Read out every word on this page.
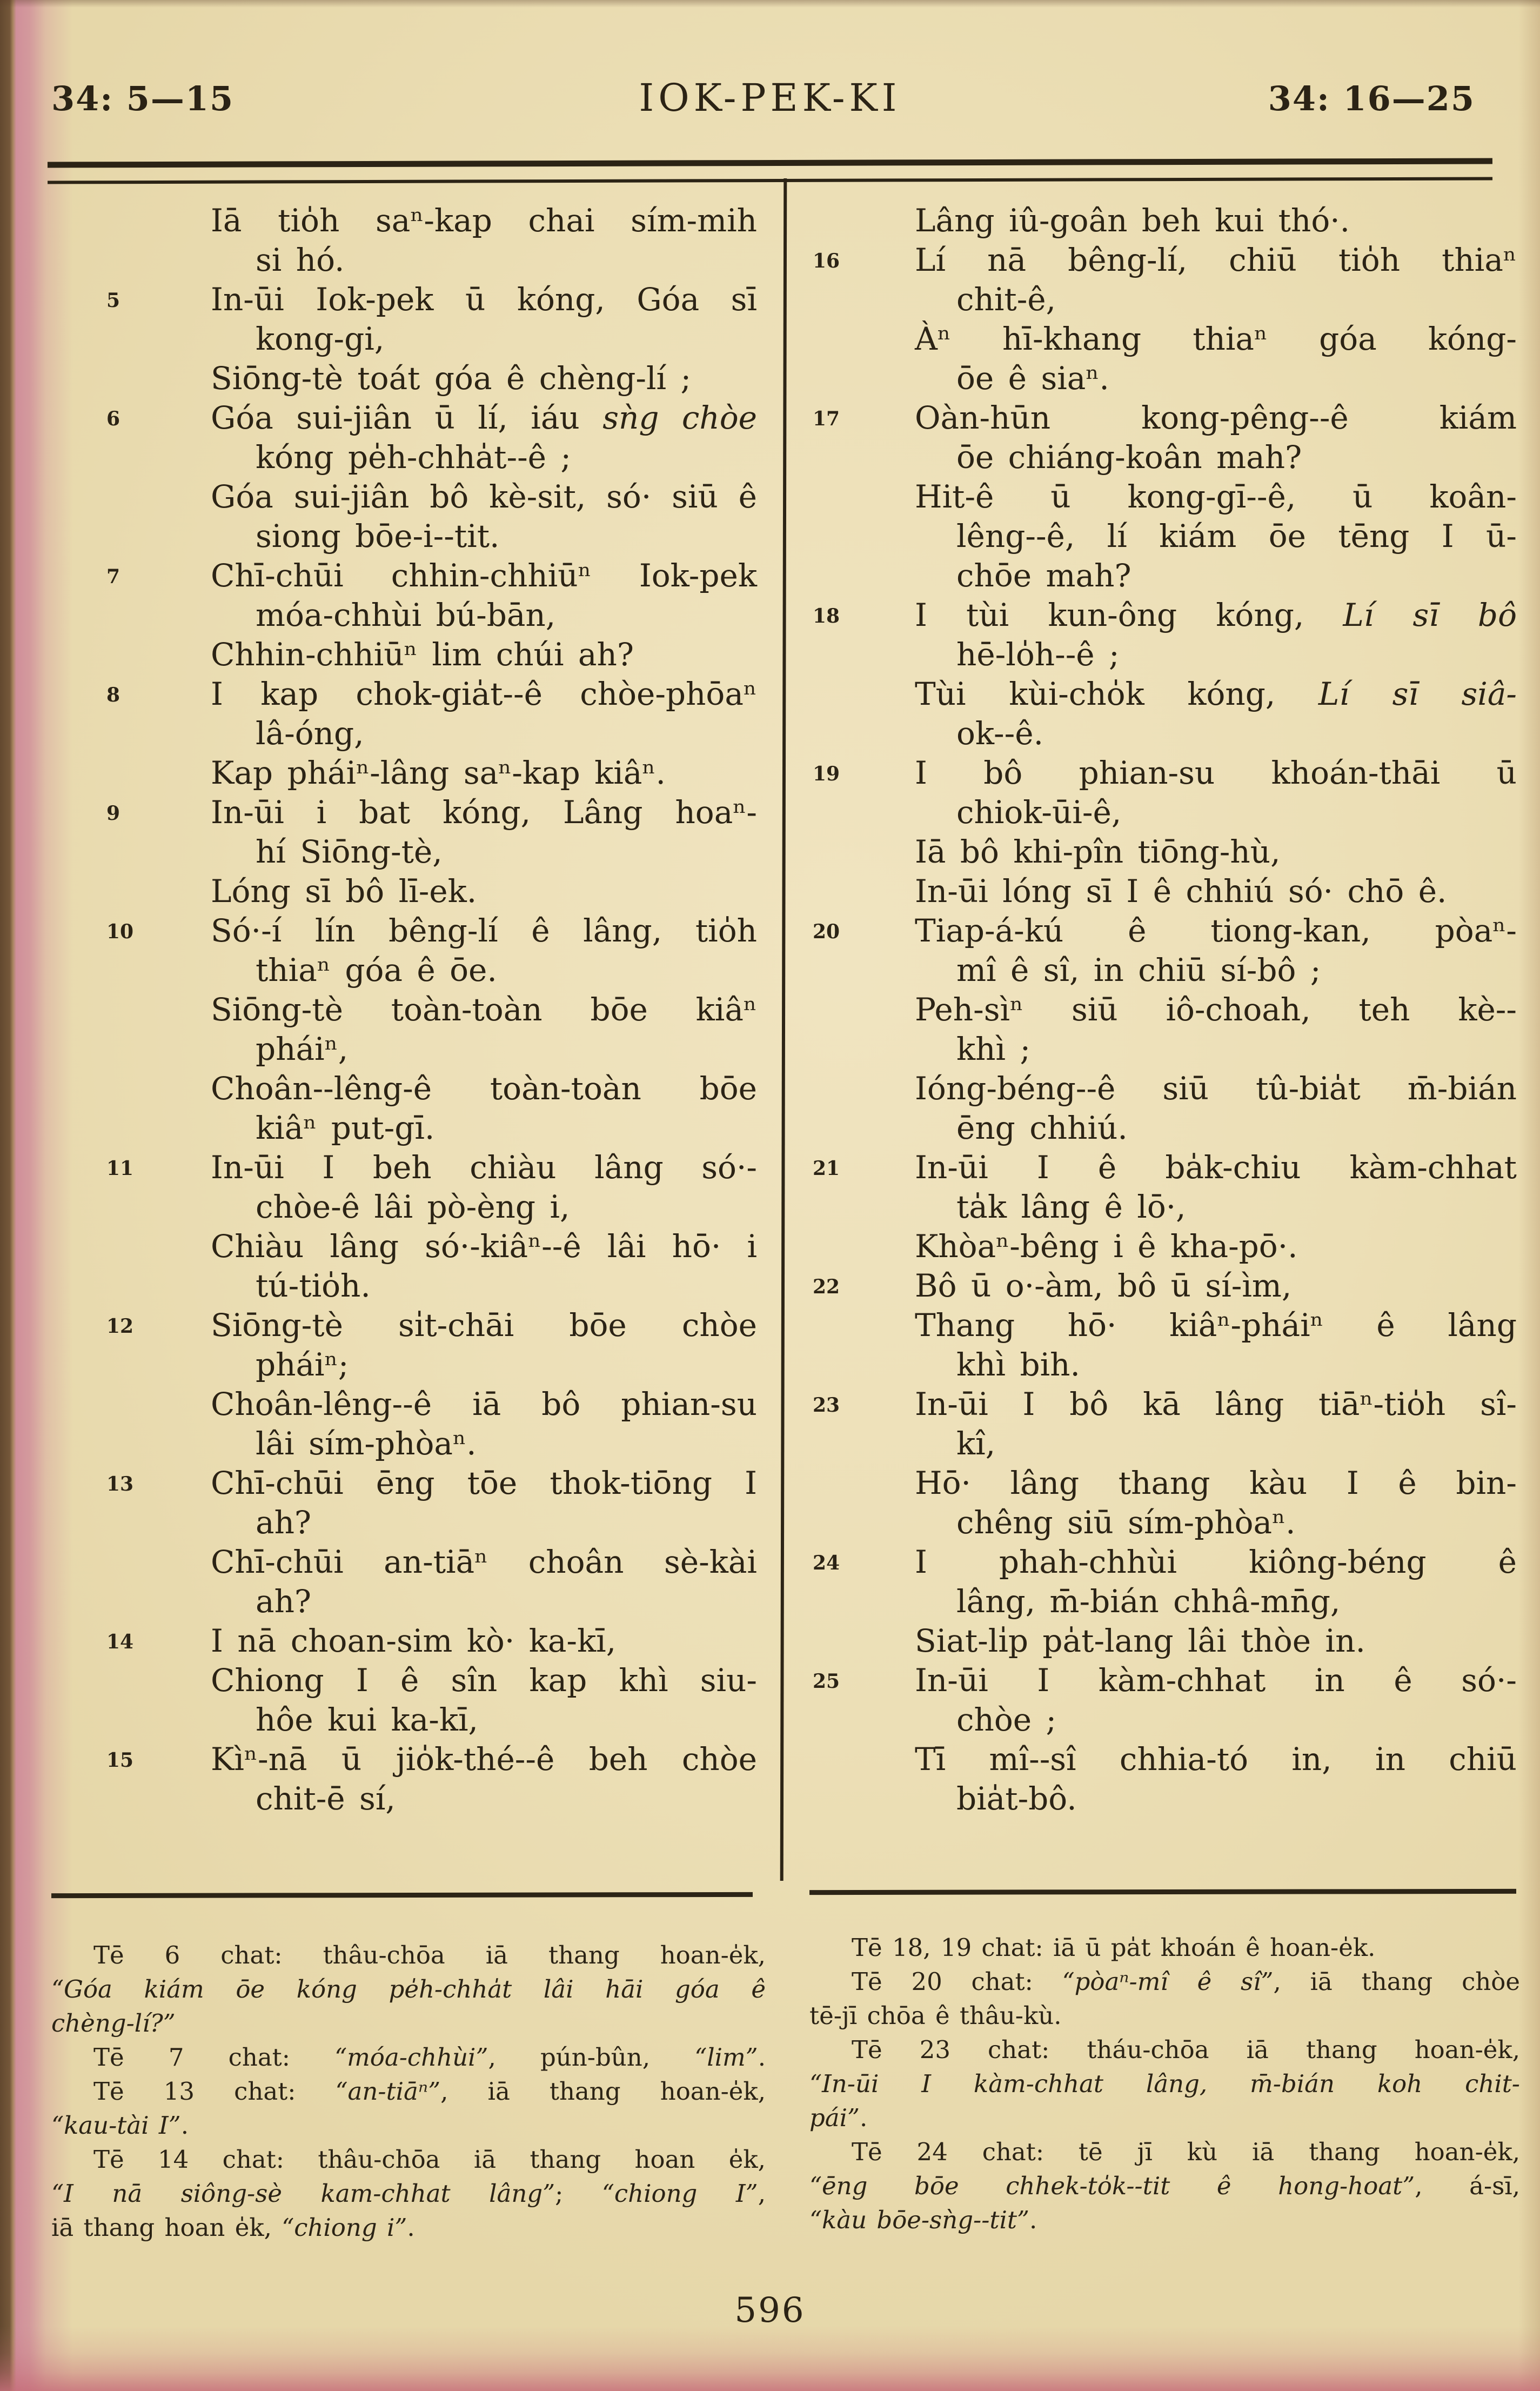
34: 5—15	IOK-PEK-KI	34: 16—25
Iā tio̍h saⁿ-kap chai sím-mih
si hó.
5	In-ūi Iok-pek ū kóng, Góa sī
kong-gi,
Siōng-tè toát góa ê chèng-lí ;
6	Góa sui-jiân ū lí, iáu sǹg chòe
kóng pe̍h-chha̍t--ê ;
Góa sui-jiân bô kè-sit, só· siū ê
siong bōe-i--tit.
7	Chī-chūi chhin-chhiūⁿ Iok-pek
móa-chhùi bú-bān,
Chhin-chhiūⁿ lim chúi ah?
8	I kap chok-gia̍t--ê chòe-phōaⁿ
lâ-óng,
Kap pháiⁿ-lâng saⁿ-kap kiâⁿ.
9	In-ūi i bat kóng, Lâng hoaⁿ-
hí Siōng-tè,
Lóng sī bô lī-ek.
10 Só·-í lín bêng-lí ê lâng, tio̍h
thiaⁿ góa ê ōe.
Siōng-tè toàn-toàn bōe kiâⁿ
pháiⁿ,
Choân--lêng-ê toàn-toàn bōe
kiâⁿ put-gī.
11 In-ūi I beh chiàu lâng só·-
chòe-ê lâi pò-èng i,
Chiàu lâng só·-kiâⁿ--ê lâi hō· i
tú-tio̍h.
12 Siōng-tè si̍t-chāi bōe chòe
pháiⁿ;
Choân-lêng--ê iā bô phian-su
lâi sím-phòaⁿ.
13 Chī-chūi ēng tōe thok-tiōng I
ah?
Chī-chūi an-tiāⁿ choân sè-kài
ah?
14 I nā choan-sim kò· ka-kī,
Chiong I ê sîn kap khì siu-
hôe kui ka-kī,
15 Kìⁿ-nā ū jio̍k-thé--ê beh chòe
chit-ē sí,
Lâng iû-goân beh kui thó·.
16 Lí nā bêng-lí, chiū tio̍h thiaⁿ
chit-ê,
Àⁿ hī-khang thiaⁿ góa kóng-
ōe ê siaⁿ.
17 Oàn-hūn kong-pêng--ê kiám
ōe chiáng-koân mah?
Hit-ê ū kong-gī--ê, ū koân-
lêng--ê, lí kiám ōe tēng I ū-
chōe mah?
18 I tùi kun-ông kóng, Lí sī bô
hē-lo̍h--ê ;
Tùi kùi-cho̍k kóng, Lí sī siâ-
ok--ê.
19 I bô phian-su khoán-thāi ū
chiok-ūi-ê,
Iā bô khi-pîn tiōng-hù,
In-ūi lóng sī I ê chhiú só· chō ê.
20 Tiap-á-kú ê tiong-kan, pòaⁿ-
mî ê sî, in chiū sí-bô ;
Peh-sìⁿ siū iô-choah, teh kè--
khì ;
Ióng-béng--ê siū tû-bia̍t m̄-bián
ēng chhiú.
21 In-ūi I ê ba̍k-chiu kàm-chhat
ta̍k lâng ê lō·,
Khòaⁿ-bêng i ê kha-pō·.
22 Bô ū o·-àm, bô ū sí-ìm,
Thang hō· kiâⁿ-pháiⁿ ê lâng
khì bih.
23 In-ūi I bô kā lâng tiāⁿ-tio̍h sî-
kî,
Hō· lâng thang kàu I ê bin-
chêng siū sím-phòaⁿ.
24 I phah-chhùi kiông-béng ê
lâng, m̄-bián chhâ-mn̄g,
Siat-li̍p pa̍t-lang lâi thòe in.
25 In-ūi I kàm-chhat in ê só·-
chòe ;
Tī mî--sî chhia-tó in, in chiū
bia̍t-bô.
Tē 6 chat: thâu-chōa iā thang hoan-e̍k,
“Góa kiám ōe kóng pe̍h-chha̍t lâi hāi góa ê
chèng-lí?”
Tē 7 chat: “móa-chhùi”, pún-bûn, “lim”.
Tē 13 chat: “an-tiāⁿ”, iā thang hoan-e̍k,
“kau-tài I”.
Tē 14 chat: thâu-chōa iā thang hoan e̍k,
“I nā siông-sè kam-chhat lâng”; “chiong I”,
iā thang hoan e̍k, “chiong i”.
Tē 18, 19 chat: iā ū pa̍t khoán ê hoan-e̍k.
Tē 20 chat: “pòaⁿ-mî ê sî”, iā thang chòe
tē-jī chōa ê thâu-kù.
Tē 23 chat: tháu-chōa iā thang hoan-e̍k,
“In-ūi I kàm-chhat lâng, m̄-bián koh chit-
pái”.
Tē 24 chat: tē jī kù iā thang hoan-e̍k,
“ēng bōe chhek-to̍k--tit ê hong-hoat”, á-sī,
“kàu bōe-sǹg--tit”.
596
